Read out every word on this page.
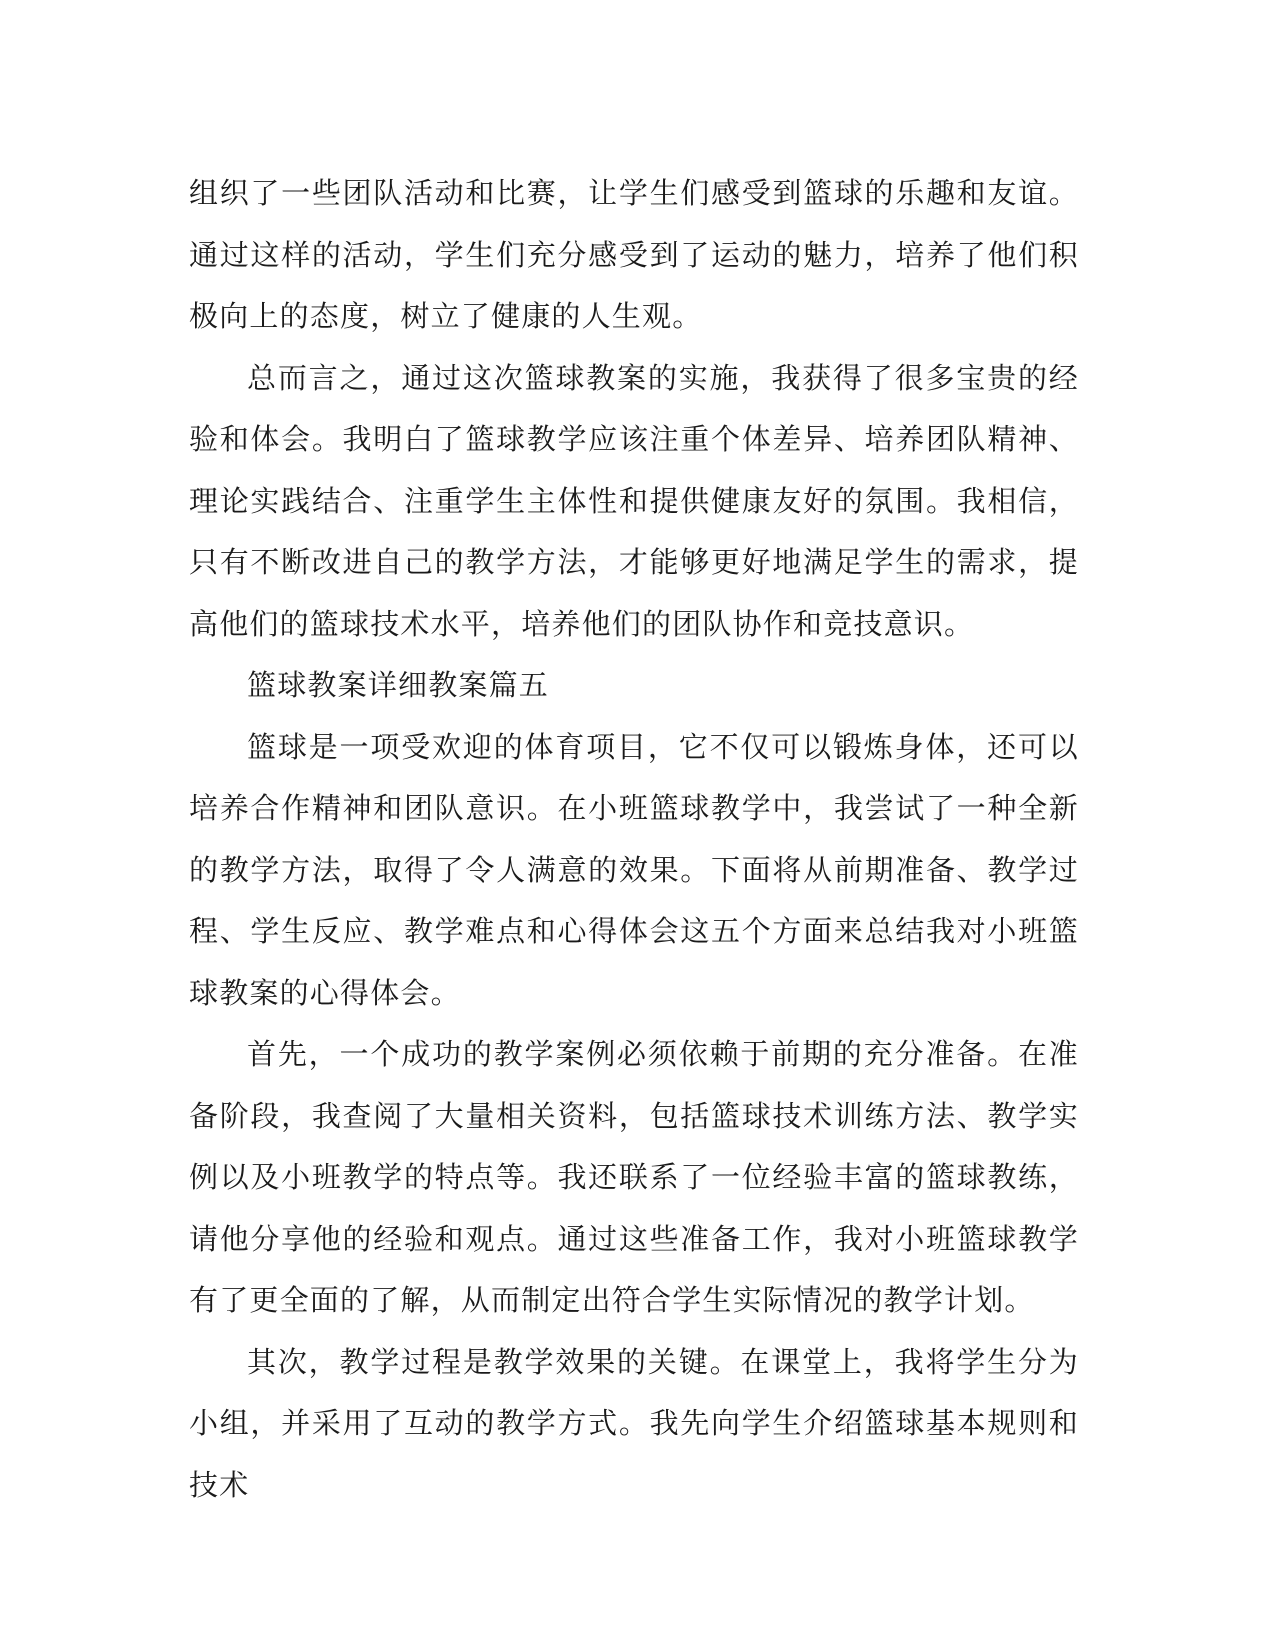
组织了一些团队活动和比赛，让学生们感受到篮球的乐趣和友谊。通过这样的活动，学生们充分感受到了运动的魅力，培养了他们积极向上的态度，树立了健康的人生观。

总而言之，通过这次篮球教案的实施，我获得了很多宝贵的经验和体会。我明白了篮球教学应该注重个体差异、培养团队精神、理论实践结合、注重学生主体性和提供健康友好的氛围。我相信，只有不断改进自己的教学方法，才能够更好地满足学生的需求，提高他们的篮球技术水平，培养他们的团队协作和竞技意识。

篮球教案详细教案篇五

篮球是一项受欢迎的体育项目，它不仅可以锻炼身体，还可以培养合作精神和团队意识。在小班篮球教学中，我尝试了一种全新的教学方法，取得了令人满意的效果。下面将从前期准备、教学过程、学生反应、教学难点和心得体会这五个方面来总结我对小班篮球教案的心得体会。

首先，一个成功的教学案例必须依赖于前期的充分准备。在准备阶段，我查阅了大量相关资料，包括篮球技术训练方法、教学实例以及小班教学的特点等。我还联系了一位经验丰富的篮球教练，请他分享他的经验和观点。通过这些准备工作，我对小班篮球教学有了更全面的了解，从而制定出符合学生实际情况的教学计划。

其次，教学过程是教学效果的关键。在课堂上，我将学生分为小组，并采用了互动的教学方式。我先向学生介绍篮球基本规则和技术
